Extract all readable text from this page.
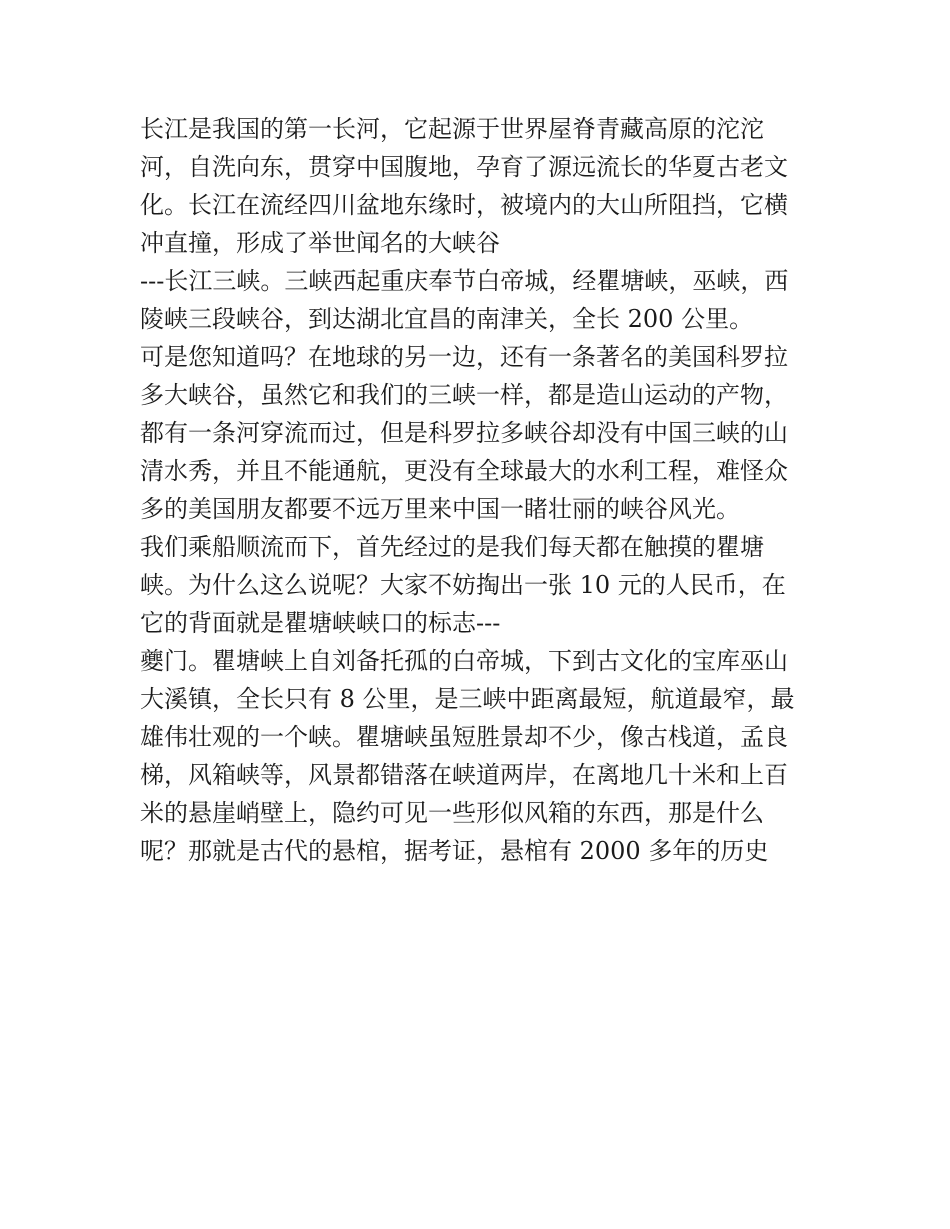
长江是我国的第一长河，它起源于世界屋脊青藏高原的沱沱
河，自洗向东，贯穿中国腹地，孕育了源远流长的华夏古老文
化。长江在流经四川盆地东缘时，被境内的大山所阻挡，它横
冲直撞，形成了举世闻名的大峡谷
---长江三峡。三峡西起重庆奉节白帝城，经瞿塘峡，巫峡，西
陵峡三段峡谷，到达湖北宜昌的南津关，全长 200 公里。
可是您知道吗？在地球的另一边，还有一条著名的美国科罗拉
多大峡谷，虽然它和我们的三峡一样，都是造山运动的产物，
都有一条河穿流而过，但是科罗拉多峡谷却没有中国三峡的山
清水秀，并且不能通航，更没有全球最大的水利工程，难怪众
多的美国朋友都要不远万里来中国一睹壮丽的峡谷风光。
我们乘船顺流而下，首先经过的是我们每天都在触摸的瞿塘
峡。为什么这么说呢？大家不妨掏出一张 10 元的人民币，在
它的背面就是瞿塘峡峡口的标志---
夔门。瞿塘峡上自刘备托孤的白帝城，下到古文化的宝库巫山
大溪镇，全长只有 8 公里，是三峡中距离最短，航道最窄，最
雄伟壮观的一个峡。瞿塘峡虽短胜景却不少，像古栈道，孟良
梯，风箱峡等，风景都错落在峡道两岸，在离地几十米和上百
米的悬崖峭壁上，隐约可见一些形似风箱的东西，那是什么
呢？那就是古代的悬棺，据考证，悬棺有 2000 多年的历史
